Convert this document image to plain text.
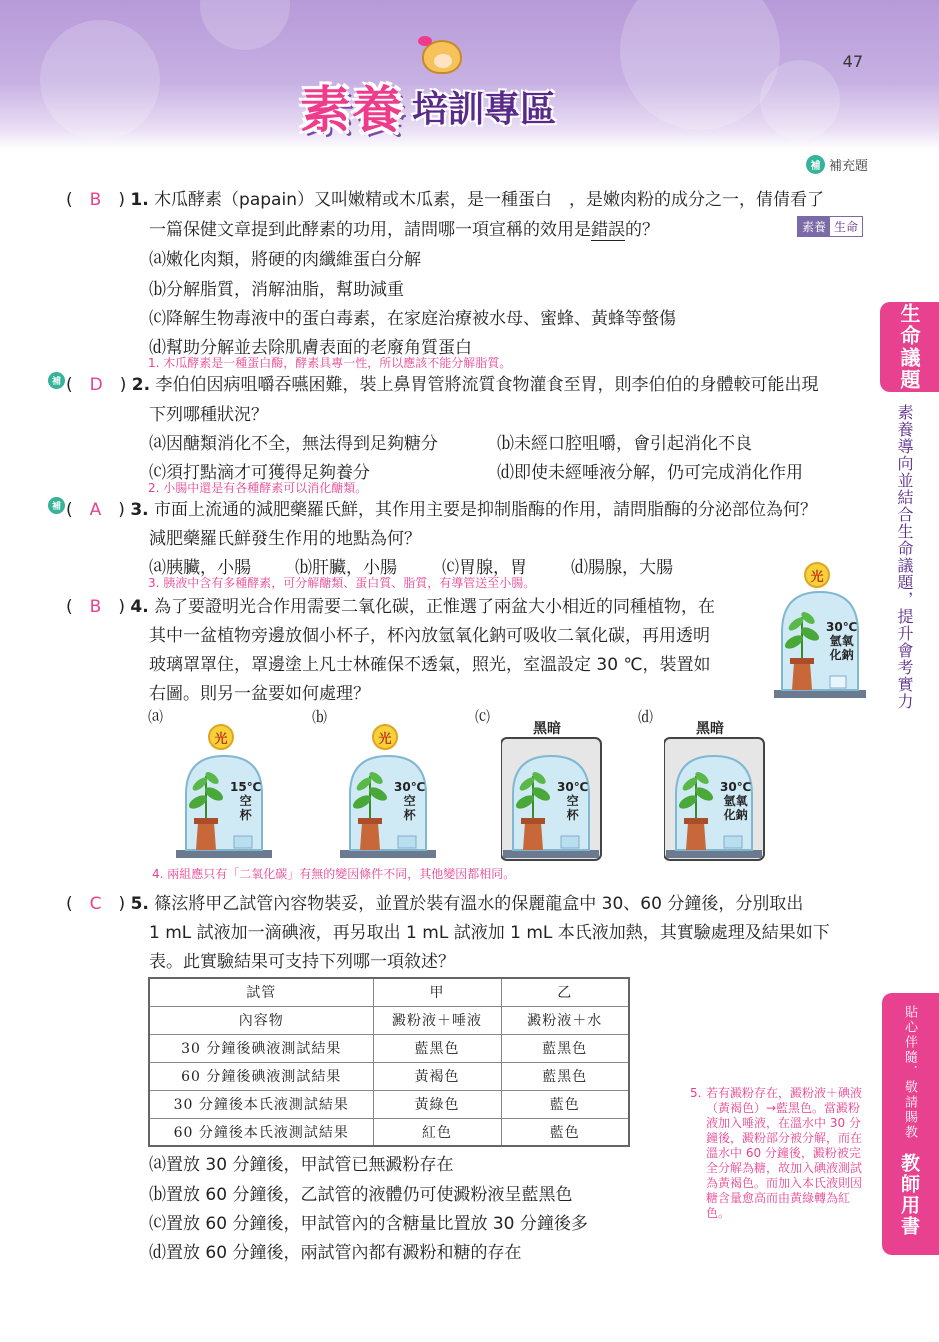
47
素養 培訓專區
補 補充題
生命議題
素養導向並結合生命議題，提升會考實力
貼心伴隨．敬請賜教
教師用書
(　 B　 ) 1. 木瓜酵素（papain）又叫嫩精或木瓜素，是一種蛋白　，是嫩肉粉的成分之一，倩倩看了
一篇保健文章提到此酵素的功用，請問哪一項宣稱的效用是錯誤的？	素養 生命
⒜嫩化肉類，將硬的肉纖維蛋白分解
⒝分解脂質，消解油脂，幫助減重
⒞降解生物毒液中的蛋白毒素，在家庭治療被水母、蜜蜂、黃蜂等螫傷
⒟幫助分解並去除肌膚表面的老廢角質蛋白
1. 木瓜酵素是一種蛋白酶，酵素具專一性，所以應該不能分解脂質。
補 (　 D　 ) 2. 李伯伯因病咀嚼吞嚥困難，裝上鼻胃管將流質食物灌食至胃，則李伯伯的身體較可能出現
下列哪種狀況？
⒜因醣類消化不全，無法得到足夠糖分	⒝未經口腔咀嚼，會引起消化不良
⒞須打點滴才可獲得足夠養分	⒟即使未經唾液分解，仍可完成消化作用
2. 小腸中還是有各種酵素可以消化醣類。
補 (　 A　 ) 3. 市面上流通的減肥藥羅氏鮮，其作用主要是抑制脂酶的作用，請問脂酶的分泌部位為何？
減肥藥羅氏鮮發生作用的地點為何？
⒜胰臟，小腸	⒝肝臟，小腸	⒞胃腺，胃	⒟腸腺，大腸
3. 胰液中含有多種酵素，可分解醣類、蛋白質、脂質，有導管送至小腸。
(　 B　 ) 4. 為了要證明光合作用需要二氧化碳，正惟選了兩盆大小相近的同種植物，在
其中一盆植物旁邊放個小杯子，杯內放氫氧化鈉可吸收二氧化碳，再用透明
玻璃罩罩住，罩邊塗上凡士林確保不透氣，照光，室溫設定 30 ℃，裝置如
右圖。則另一盆要如何處理？
光
30℃
氫氧
化鈉
⒜
光
15℃
空
杯
⒝
光
30℃
空
杯
⒞
黑暗
30℃
空
杯
⒟
黑暗
30℃
氫氧
化鈉
4. 兩組應只有「二氧化碳」有無的變因條件不同，其他變因都相同。
(　 C　 ) 5. 篠泫將甲乙試管內容物裝妥，並置於裝有溫水的保麗龍盒中 30、60 分鐘後，分別取出
1 mL 試液加一滴碘液，再另取出 1 mL 試液加 1 mL 本氏液加熱，其實驗處理及結果如下
表。此實驗結果可支持下列哪一項敘述？
試管	甲	乙
內容物	澱粉液＋唾液	澱粉液＋水
30 分鐘後碘液測試結果	藍黑色	藍黑色
60 分鐘後碘液測試結果	黃褐色	藍黑色
30 分鐘後本氏液測試結果	黃綠色	藍色
60 分鐘後本氏液測試結果	紅色	藍色
⒜置放 30 分鐘後，甲試管已無澱粉存在
⒝置放 60 分鐘後，乙試管的液體仍可使澱粉液呈藍黑色
⒞置放 60 分鐘後，甲試管內的含糖量比置放 30 分鐘後多
⒟置放 60 分鐘後，兩試管內都有澱粉和糖的存在
5. 若有澱粉存在，澱粉液＋碘液（黃褐色）→藍黑色。當澱粉液加入唾液，在溫水中 30 分鐘後，澱粉部分被分解，而在溫水中 60 分鐘後，澱粉被完全分解為糖，故加入碘液測試為黃褐色。而加入本氏液則因糖含量愈高而由黃綠轉為紅色。
